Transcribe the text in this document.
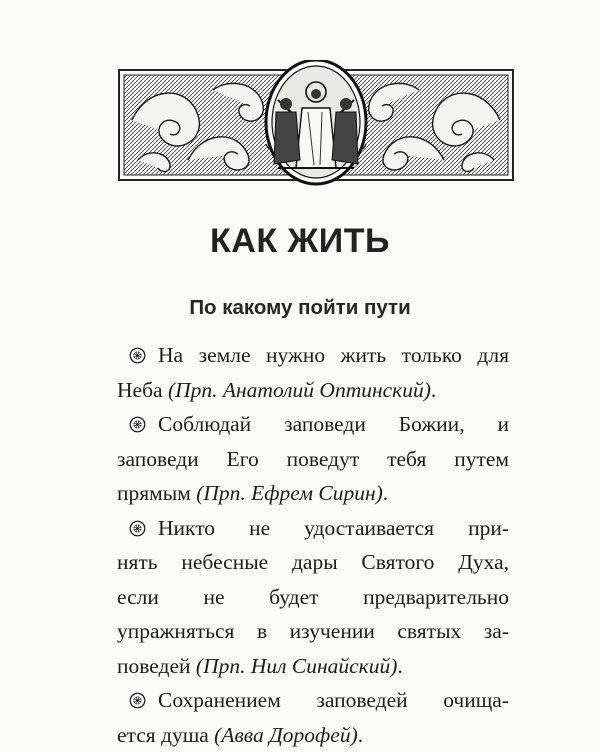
КАК ЖИТЬ
По какому пойти пути
На земле нужно жить только для
Неба (Прп. Анатолий Оптинский).
Соблюдай заповеди Божии, и
заповеди Его поведут тебя путем
прямым (Прп. Ефрем Сирин).
Никто не удостаивается при-
нять небесные дары Святого Духа,
если не будет предварительно
упражняться в изучении святых за-
поведей (Прп. Нил Синайский).
Сохранением заповедей очища-
ется душа (Авва Дорофей).
